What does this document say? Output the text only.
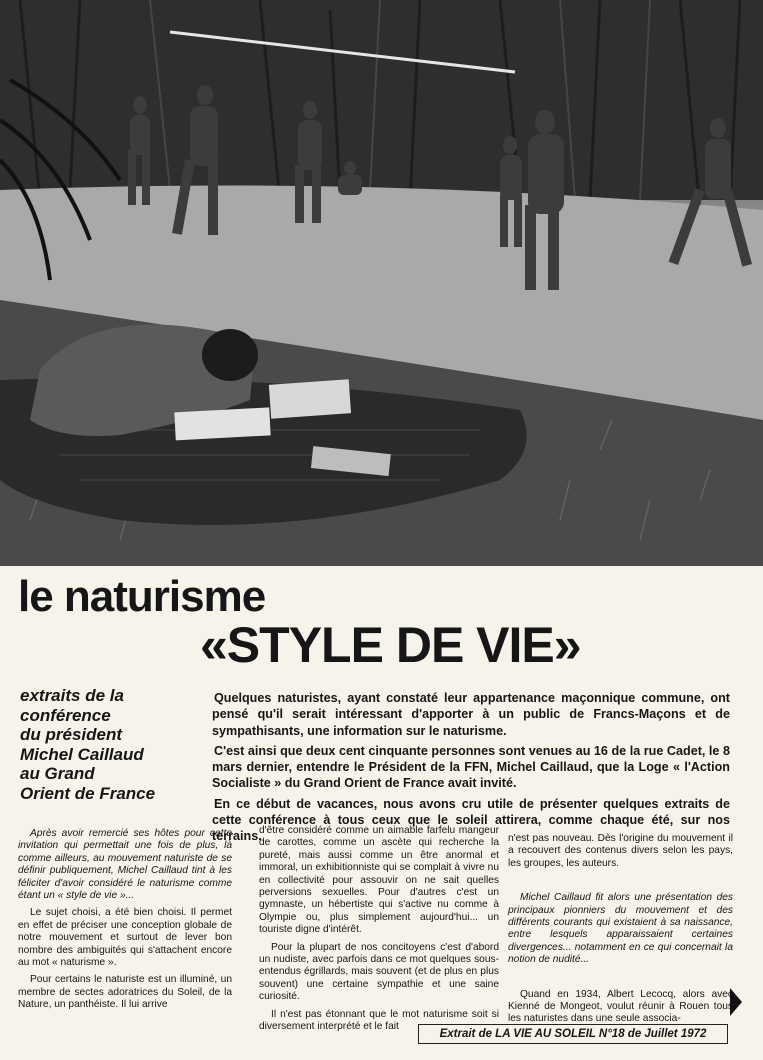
le naturisme
«STYLE DE VIE»
extraits de la
conférence
du président
Michel Caillaud
au Grand
Orient de France

Quelques naturistes, ayant constaté leur appartenance maçonnique commune, ont pensé qu'il serait intéressant d'apporter à un public de Francs-Maçons et de sympathisants, une information sur le naturisme.

C'est ainsi que deux cent cinquante personnes sont venues au 16 de la rue Cadet, le 8 mars dernier, entendre le Président de la FFN, Michel Caillaud, que la Loge « l'Action Socialiste » du Grand Orient de France avait invité.

En ce début de vacances, nous avons cru utile de présenter quelques extraits de cette conférence à tous ceux que le soleil attirera, comme chaque été, sur nos terrains.

Après avoir remercié ses hôtes pour cette invitation qui permettait une fois de plus, là comme ailleurs, au mouvement naturiste de se définir publiquement, Michel Caillaud tint à les féliciter d'avoir considéré le naturisme comme étant un « style de vie »...

Le sujet choisi, a été bien choisi. Il permet en effet de préciser une conception globale de notre mouvement et surtout de lever bon nombre des ambiguités qui s'attachent encore au mot « naturisme ».

Pour certains le naturiste est un illuminé, un membre de sectes adoratrices du Soleil, de la Nature, un panthéiste. Il lui arrive

d'être considéré comme un aimable farfelu mangeur de carottes, comme un ascète qui recherche la pureté, mais aussi comme un être anormal et immoral, un exhibitionniste qui se complait à vivre nu en collectivité pour assouvir on ne sait quelles perversions sexuelles. Pour d'autres c'est un gymnaste, un hébertiste qui s'active nu comme à Olympie ou, plus simplement aujourd'hui... un touriste digne d'intérêt.

Pour la plupart de nos concitoyens c'est d'abord un nudiste, avec parfois dans ce mot quelques sous-entendus égrillards, mais souvent (et de plus en plus souvent) une certaine sympathie et une saine curiosité.

Il n'est pas étonnant que le mot naturisme soit si diversement interprété et le fait

n'est pas nouveau. Dès l'origine du mouvement il a recouvert des contenus divers selon les pays, les groupes, les auteurs.

Michel Caillaud fit alors une présentation des principaux pionniers du mouvement et des différents courants qui existaient à sa naissance, entre lesquels apparaissaient certaines divergences... notamment en ce qui concernait la notion de nudité...

Quand en 1934, Albert Lecocq, alors avec Kienné de Mongeot, voulut réunir à Rouen tous les naturistes dans une seule associa-

Extrait de LA VIE AU SOLEIL N°18 de Juillet 1972
